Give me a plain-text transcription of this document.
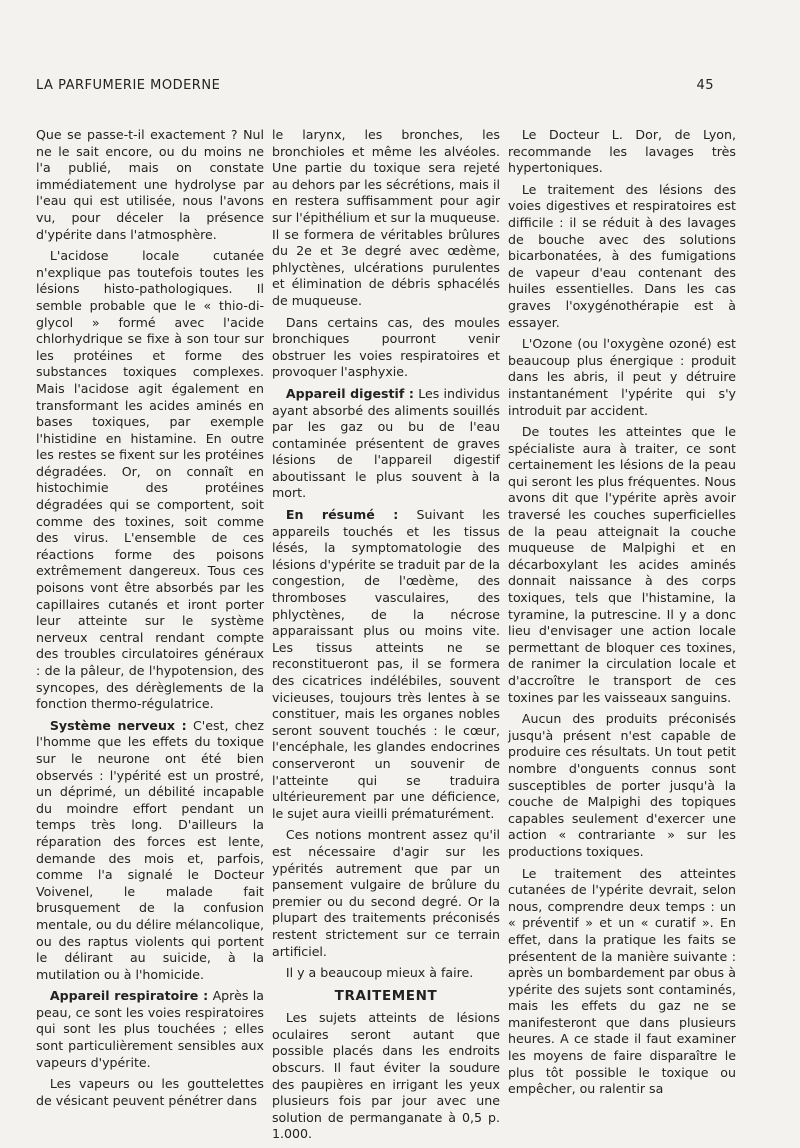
LA PARFUMERIE MODERNE	45

Que se passe-t-il exactement ? Nul ne le sait encore, ou du moins ne l'a publié, mais on constate immédiatement une hydrolyse par l'eau qui est utilisée, nous l'avons vu, pour déceler la présence d'ypérite dans l'atmosphère.

L'acidose locale cutanée n'explique pas toutefois toutes les lésions histo-pathologiques. Il semble probable que le « thio-di-glycol » formé avec l'acide chlorhydrique se fixe à son tour sur les protéines et forme des substances toxiques complexes. Mais l'acidose agit également en transformant les acides aminés en bases toxiques, par exemple l'histidine en histamine. En outre les restes se fixent sur les protéines dégradées. Or, on connaît en histochimie des protéines dégradées qui se comportent, soit comme des toxines, soit comme des virus. L'ensemble de ces réactions forme des poisons extrêmement dangereux. Tous ces poisons vont être absorbés par les capillaires cutanés et iront porter leur atteinte sur le système nerveux central rendant compte des troubles circulatoires généraux : de la pâleur, de l'hypotension, des syncopes, des dérèglements de la fonction thermo-régulatrice.

Système nerveux : C'est, chez l'homme que les effets du toxique sur le neurone ont été bien observés : l'ypérité est un prostré, un déprimé, un débilité incapable du moindre effort pendant un temps très long. D'ailleurs la réparation des forces est lente, demande des mois et, parfois, comme l'a signalé le Docteur Voivenel, le malade fait brusquement de la confusion mentale, ou du délire mélancolique, ou des raptus violents qui portent le délirant au suicide, à la mutilation ou à l'homicide.

Appareil respiratoire : Après la peau, ce sont les voies respiratoires qui sont les plus touchées ; elles sont particulièrement sensibles aux vapeurs d'ypérite.

Les vapeurs ou les gouttelettes de vésicant peuvent pénétrer dans

le larynx, les bronches, les bronchioles et même les alvéoles. Une partie du toxique sera rejeté au dehors par les sécrétions, mais il en restera suffisamment pour agir sur l'épithélium et sur la muqueuse. Il se formera de véritables brûlures du 2e et 3e degré avec œdème, phlyctènes, ulcérations purulentes et élimination de débris sphacélés de muqueuse.

Dans certains cas, des moules bronchiques pourront venir obstruer les voies respiratoires et provoquer l'asphyxie.

Appareil digestif : Les individus ayant absorbé des aliments souillés par les gaz ou bu de l'eau contaminée présentent de graves lésions de l'appareil digestif aboutissant le plus souvent à la mort.

En résumé : Suivant les appareils touchés et les tissus lésés, la symptomatologie des lésions d'ypérite se traduit par de la congestion, de l'œdème, des thromboses vasculaires, des phlyctènes, de la nécrose apparaissant plus ou moins vite. Les tissus atteints ne se reconstitueront pas, il se formera des cicatrices indélébiles, souvent vicieuses, toujours très lentes à se constituer, mais les organes nobles seront souvent touchés : le cœur, l'encéphale, les glandes endocrines conserveront un souvenir de l'atteinte qui se traduira ultérieurement par une déficience, le sujet aura vieilli prématurément.

Ces notions montrent assez qu'il est nécessaire d'agir sur les ypérités autrement que par un pansement vulgaire de brûlure du premier ou du second degré. Or la plupart des traitements préconisés restent strictement sur ce terrain artificiel.

Il y a beaucoup mieux à faire.

TRAITEMENT

Les sujets atteints de lésions oculaires seront autant que possible placés dans les endroits obscurs. Il faut éviter la soudure des paupières en irrigant les yeux plusieurs fois par jour avec une solution de permanganate à 0,5 p. 1.000.

Le Docteur L. Dor, de Lyon, recommande les lavages très hypertoniques.

Le traitement des lésions des voies digestives et respiratoires est difficile : il se réduit à des lavages de bouche avec des solutions bicarbonatées, à des fumigations de vapeur d'eau contenant des huiles essentielles. Dans les cas graves l'oxygénothérapie est à essayer.

L'Ozone (ou l'oxygène ozoné) est beaucoup plus énergique : produit dans les abris, il peut y détruire instantanément l'ypérite qui s'y introduit par accident.

De toutes les atteintes que le spécialiste aura à traiter, ce sont certainement les lésions de la peau qui seront les plus fréquentes. Nous avons dit que l'ypérite après avoir traversé les couches superficielles de la peau atteignait la couche muqueuse de Malpighi et en décarboxylant les acides aminés donnait naissance à des corps toxiques, tels que l'histamine, la tyramine, la putrescine. Il y a donc lieu d'envisager une action locale permettant de bloquer ces toxines, de ranimer la circulation locale et d'accroître le transport de ces toxines par les vaisseaux sanguins.

Aucun des produits préconisés jusqu'à présent n'est capable de produire ces résultats. Un tout petit nombre d'onguents connus sont susceptibles de porter jusqu'à la couche de Malpighi des topiques capables seulement d'exercer une action « contrariante » sur les productions toxiques.

Le traitement des atteintes cutanées de l'ypérite devrait, selon nous, comprendre deux temps : un « préventif » et un « curatif ». En effet, dans la pratique les faits se présentent de la manière suivante : après un bombardement par obus à ypérite des sujets sont contaminés, mais les effets du gaz ne se manifesteront que dans plusieurs heures. A ce stade il faut examiner les moyens de faire disparaître le plus tôt possible le toxique ou empêcher, ou ralentir sa
